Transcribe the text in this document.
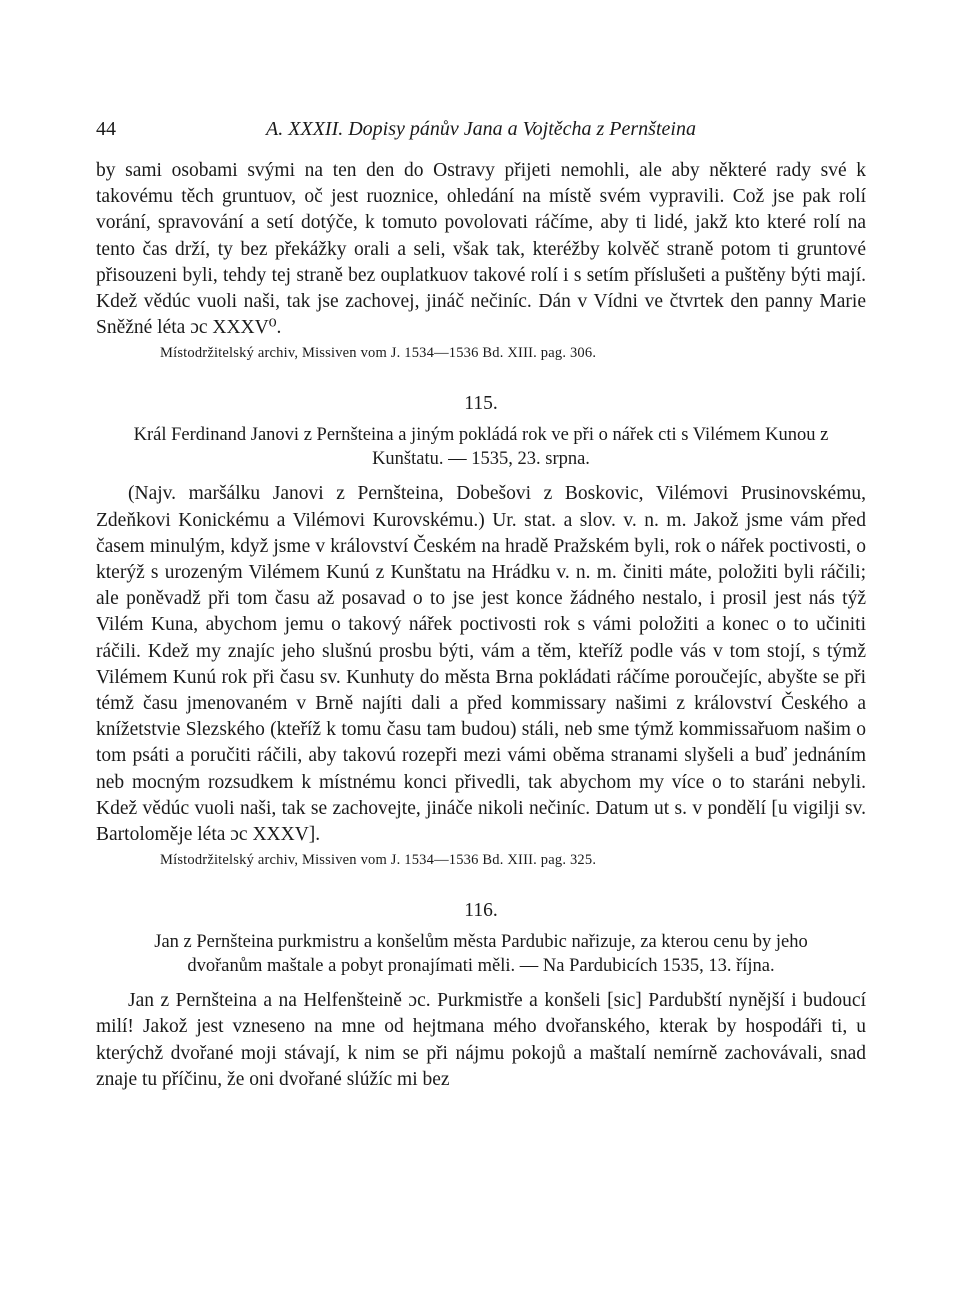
44	A. XXXII. Dopisy pánův Jana a Vojtěcha z Pernšteina

by sami osobami svými na ten den do Ostravy přijeti nemohli, ale aby některé rady své k takovému těch gruntuov, oč jest ruoznice, ohledání na místě svém vypravili. Což jse pak rolí vorání, spravování a setí dotýče, k tomuto povolovati ráčíme, aby ti lidé, jakž kto které rolí na tento čas drží, ty bez překážky orali a seli, však tak, kteréžby kolvěč straně potom ti gruntové přisouzeni byli, tehdy tej straně bez ouplatkuov takové rolí i s setím příslušeti a puštěny býti mají. Kdež vědúc vuoli naši, tak jse zachovej, jináč nečiníc. Dán v Vídni ve čtvrtek den panny Marie Sněžné léta ɔc XXXV⁰.

Místodržitelský archiv, Missiven vom J. 1534—1536 Bd. XIII. pag. 306.
115.
Král Ferdinand Janovi z Pernšteina a jiným pokládá rok ve při o nářek cti s Vilémem Kunou z Kunštatu. — 1535, 23. srpna.

(Najv. maršálku Janovi z Pernšteina, Dobešovi z Boskovic, Vilémovi Prusinovskému, Zdeňkovi Konickému a Vilémovi Kurovskému.) Ur. stat. a slov. v. n. m. Jakož jsme vám před časem minulým, když jsme v království Českém na hradě Pražském byli, rok o nářek poctivosti, o kterýž s urozeným Vilémem Kunú z Kunštatu na Hrádku v. n. m. činiti máte, položiti byli ráčili; ale poněvadž při tom času až posavad o to jse jest konce žádného nestalo, i prosil jest nás týž Vilém Kuna, abychom jemu o takový nářek poctivosti rok s vámi položiti a konec o to učiniti ráčili. Kdež my znajíc jeho slušnú prosbu býti, vám a těm, kteříž podle vás v tom stojí, s týmž Vilémem Kunú rok při času sv. Kunhuty do města Brna pokládati ráčíme poroučejíc, abyšte se při témž času jmenovaném v Brně najíti dali a před kommissary našimi z království Českého a knížetstvie Slezského (kteříž k tomu času tam budou) stáli, neb sme týmž kommissařuom našim o tom psáti a poručiti ráčili, aby takovú rozepři mezi vámi oběma stranami slyšeli a buď jednáním neb mocným rozsudkem k místnému konci přivedli, tak abychom my více o to staráni nebyli. Kdež vědúc vuoli naši, tak se zachovejte, jináče nikoli nečiníc. Datum ut s. v pondělí [u vigilji sv. Bartoloměje léta ɔc XXXV].

Místodržitelský archiv, Missiven vom J. 1534—1536 Bd. XIII. pag. 325.
116.
Jan z Pernšteina purkmistru a konšelům města Pardubic nařizuje, za kterou cenu by jeho dvořanům maštale a pobyt pronajímati měli. — Na Pardubicích 1535, 13. října.

Jan z Pernšteina a na Helfenšteině ɔc. Purkmistře a konšeli [sic] Pardubští nynější i budoucí milí! Jakož jest vzneseno na mne od hejtmana mého dvořanského, kterak by hospodáři ti, u kterýchž dvořané moji stávají, k nim se při nájmu pokojů a maštalí nemírně zachovávali, snad znaje tu příčinu, že oni dvořané slúžíc mi bez
